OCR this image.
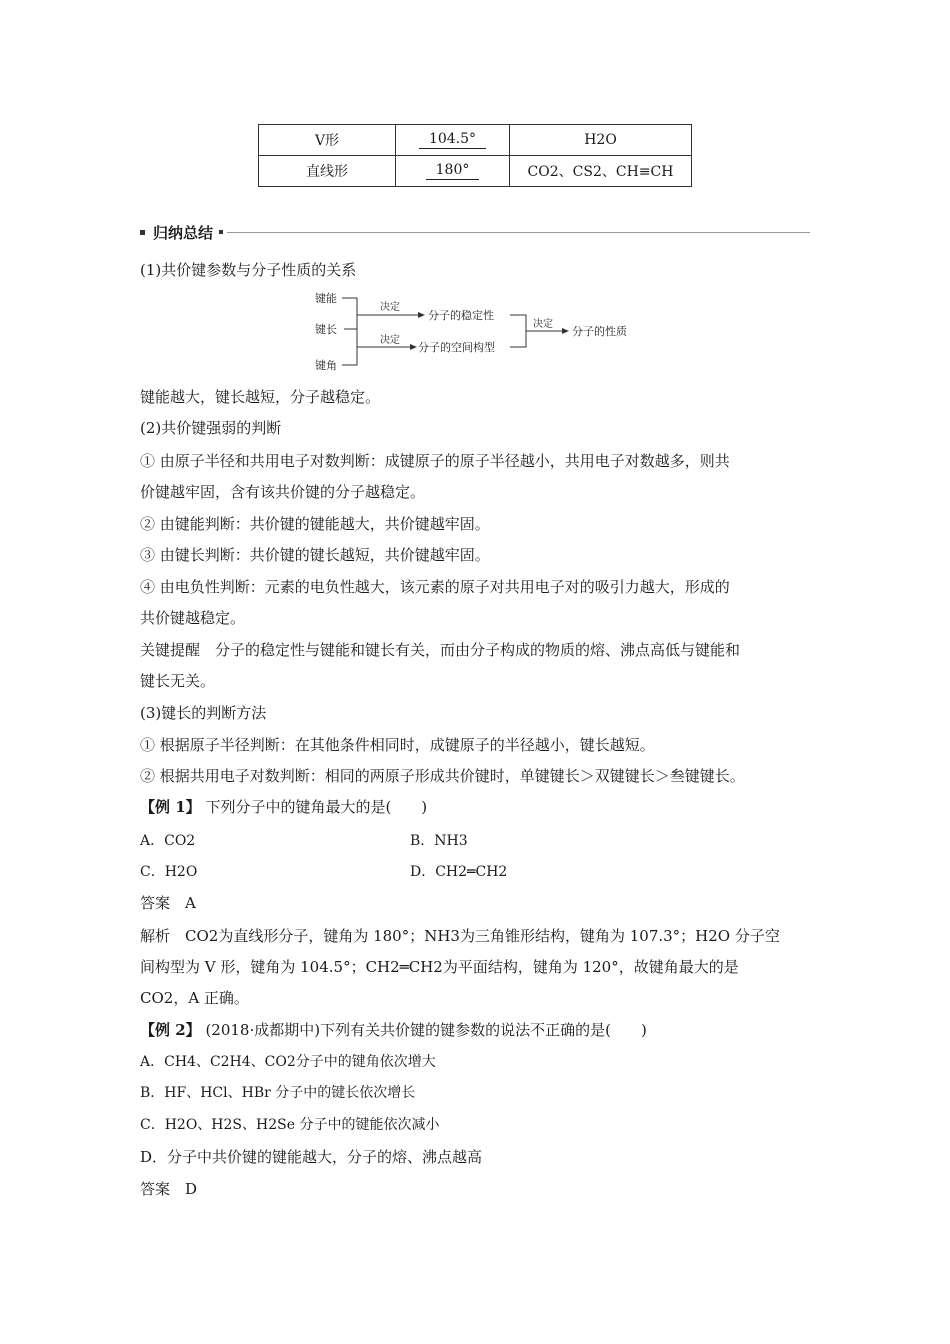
V形	104.5°	H2O
直线形	180°	CO2、CS2、CH≡CH
归纳总结
(1)共价键参数与分子性质的关系
键能
键长
键角
决定
决定
分子的稳定性
分子的空间构型
决定
分子的性质
键能越大，键长越短，分子越稳定。
(2)共价键强弱的判断
① 由原子半径和共用电子对数判断：成键原子的原子半径越小，共用电子对数越多，则共
价键越牢固，含有该共价键的分子越稳定。
② 由键能判断：共价键的键能越大，共价键越牢固。
③ 由键长判断：共价键的键长越短，共价键越牢固。
④ 由电负性判断：元素的电负性越大，该元素的原子对共用电子对的吸引力越大，形成的
共价键越稳定。
关键提醒　分子的稳定性与键能和键长有关，而由分子构成的物质的熔、沸点高低与键能和
键长无关。
(3)键长的判断方法
① 根据原子半径判断：在其他条件相同时，成键原子的半径越小，键长越短。
② 根据共用电子对数判断：相同的两原子形成共价键时，单键键长＞双键键长＞叁键键长。
【例 1】 下列分子中的键角最大的是(　　)
A．CO2	B．NH3
C．H2O	D．CH2═CH2
答案　A
解析　CO2为直线形分子，键角为 180°；NH3为三角锥形结构，键角为 107.3°；H2O 分子空
间构型为 V 形，键角为 104.5°；CH2═CH2为平面结构，键角为 120°，故键角最大的是
CO2，A 正确。
【例 2】 (2018·成都期中)下列有关共价键的键参数的说法不正确的是(　　)
A．CH4、C2H4、CO2分子中的键角依次增大
B．HF、HCl、HBr 分子中的键长依次增长
C．H2O、H2S、H2Se 分子中的键能依次减小
D．分子中共价键的键能越大，分子的熔、沸点越高
答案　D
